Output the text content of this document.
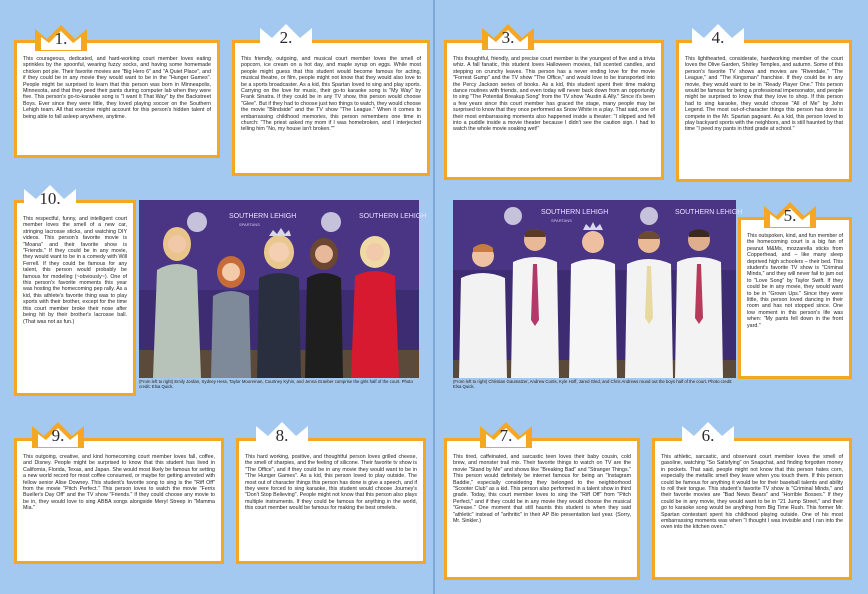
This courageous, dedicated, and hard-working court member loves eating sprinkles by the spoonful, wearing fuzzy socks, and having some homemade chicken pot pie. Their favorite movies are "Big Hero 6" and "A Quiet Place", and if they could be in any movie they would want to be in the "Hunger Games". People might be surprised to learn that this person was born in Minneapolis, Minnesota, and that they peed their pants during computer lab when they were five. This person's go-to-karaoke song is "I want It That Way" by the Backstreet Boys. Ever since they were little, they loved playing soccer on the Southern Lehigh team. All that exercise might account for this person's hidden talent of being able to fall asleep anywhere, anytime.

1.

This friendly, outgoing, and musical court member loves the smell of popcorn, ice cream on a hot day, and maple syrup on eggs. While most people might guess that this student would become famous for acting, musical theatre, or film, people might not know that they would also love to be a sports broadcaster. As a kid, this Spartan loved to sing and play sports. Carrying on the love for music, their go-to karaoke song is "My Way" by Frank Sinatra. If they could be in any TV show, this person would choose "Glee". But if they had to choose just two things to watch, they would choose the movie "Blindside" and the TV show "The League." When it comes to embarrassing childhood memories, this person remembers one time in church: "The priest asked my mom if I was homebroken, and I interjected telling him "No, my house isn't broken.""

2.

This thoughtful, friendly, and precise court member is the youngest of five and a trivia whiz. A fall fanatic, this student loves Halloween movies, fall scented candles, and stepping on crunchy leaves. This person has a never ending love for the movie "Forrest Gump" and the TV show "The Office," and would love to be transported into the Percy Jackson series of books. As a kid, this student spent their time making dance routines with friends, and even today will never back down from an opportunity to sing "The Potential Breakup Song" from the TV show "Austin & Ally." Since it's been a few years since this court member has graced the stage, many people may be surprised to know that they once performed as Snow White in a play. That said, one of their most embarrassing moments also happened inside a theater: "I slipped and fell into a puddle inside a movie theater because I didn't see the caution sign. I had to watch the whole movie soaking wet!"

3.

This lighthearted, considerate, hardworking member of the court loves the Olive Garden, Shirley Temples, and autumn. Some of this person's favorite TV shows and movies are "Riverdale," "The League," and "The Kingsman" franchise. If they could be in any movie, they would want to be in "Ready Player One." This person would be famous for being a professional impersonator, and people might be surprised to know that they love to shop. If this person had to sing karaoke, they would choose "All of Me" by John Legend. The most out-of-character things this person has done is compete in the Mr. Spartan pageant. As a kid, this person loved to play backyard sports with the neighbors, and is still haunted by that time "I peed my pants in third grade at school."

4.

This respectful, funny, and intelligent court member loves the smell of a new car, stringing lacrosse sticks, and watching DIY videos. This person's favorite movie is "Moana" and their favorite show is "Friends." If they could be in any movie, they would want to be in a comedy with Will Ferrell. If they could be famous for any talent, this person would probably be famous for modeling (~obviously~). One of this person's favorite moments this year was hosting the homecoming pep rally. As a kid, this athlete's favorite thing was to play sports with their brother, except for the time this court member broke their nose after being hit by their brother's lacrosse ball. (That was not as fun.)

10.
SOUTHERN LEHIGH
SPARTANS
SOUTHERN LEHIGH
(From left to right) Emily Jordan, Sydney Hess, Taylor Mooreman, Courtney Kyhin, and Jenna Graeber comprise the girls half of the court. Photo credit: Elsa Quick.
SOUTHERN LEHIGH
SPARTANS
SOUTHERN LEHIGH
(From left to right) Christian Gaumatzer, Andrew Curtis, Kyle Hoff, Jared Gled, and Chris Andrews round out the boys half of the court. Photo credit: Elsa Quick.

This outspoken, kind, and fun member of the homecoming court is a big fan of peanut M&Ms, mozzarella sticks from Copperhead, and – like many sleep deprived high schoolers – their bed. This student's favorite TV show is "Criminal Minds," and they will never fail to jam out to "Love Song" by Taylor Swift. If they could be in any movie, they would want to be in "Grown Ups." Since they were little, this person loved dancing in their room and has not stopped since. One low moment in this person's life was when: "My pants fell down in the front yard."

5.

This outgoing, creative, and kind homecoming court member loves fall, coffee, and Disney. People might be surprised to know that this student has lived in California, Florida, Texas, and Japan. She would most likely be famous for setting a new world record for most coffee consumed, or maybe for getting arrested with fellow senior Alise Downey. This student's favorite song to sing is the "Riff Off" from the movie "Pitch Perfect." This person loves to watch the movie "Ferris Bueller's Day Off" and the TV show "Friends." If they could choose any movie to be in, they would love to sing ABBA songs alongside Meryl Streep in "Mamma Mia."

9.

This hard working, positive, and thoughtful person loves grilled cheese, the smell of sharpies, and the feeling of silicone. Their favorite tv show is "The Office", and if they could be in any movie they would want to be in "The Hunger Games". As a kid, this person loved to play outside. The most out of character things this person has done is give a speech, and if they were forced to sing karaoke, this student would choose Journey's "Don't Stop Believing". People might not know that this person also plays multiple instruments. If they could be famous for anything in the world, this court member would be famous for making the best omelets.

8.

This tired, caffeinated, and sarcastic teen loves their baby cousin, cold brew, and monster trail mix. Their favorite things to watch on TV are the movie "Stand by Me" and shows like "Breaking Bad" and "Stranger Things." This person would definitely be internet famous for being an "Instagram Baddie," especially considering they belonged to the neighborhood "Scooter Club" as a kid. This person also performed in a talent show in third grade. Today, this court member loves to sing the "Riff Off" from "Pitch Perfect," and if they could be in any movie they would choose the musical "Grease." One moment that still haunts this student is when they said "athletic" instead of "arthritic" in their AP Bio presentation last year. (Sorry, Mr. Sinkler.)

7.

This athletic, sarcastic, and observant court member loves the smell of gasoline, watching "So Satisfying" on Snapchat, and finding forgotten money in pockets. That said, people might not know that this person hates corn, especially the metallic smell they leave when you touch them. If this person could be famous for anything it would be for their baseball talents and ability to roll their tongue. This student's favorite TV show is "Criminal Minds," and their favorite movies are "Bad News Bears" and "Horrible Bosses." If they could be in any movie, they would want to be in "21 Jump Street," and their go to karaoke song would be anything from Big Time Rush. This former Mr. Spartan contestant spent his childhood playing outside. One of his most embarrassing moments was when "I thought I was invisible and I ran into the oven into the kitchen oven."

6.
